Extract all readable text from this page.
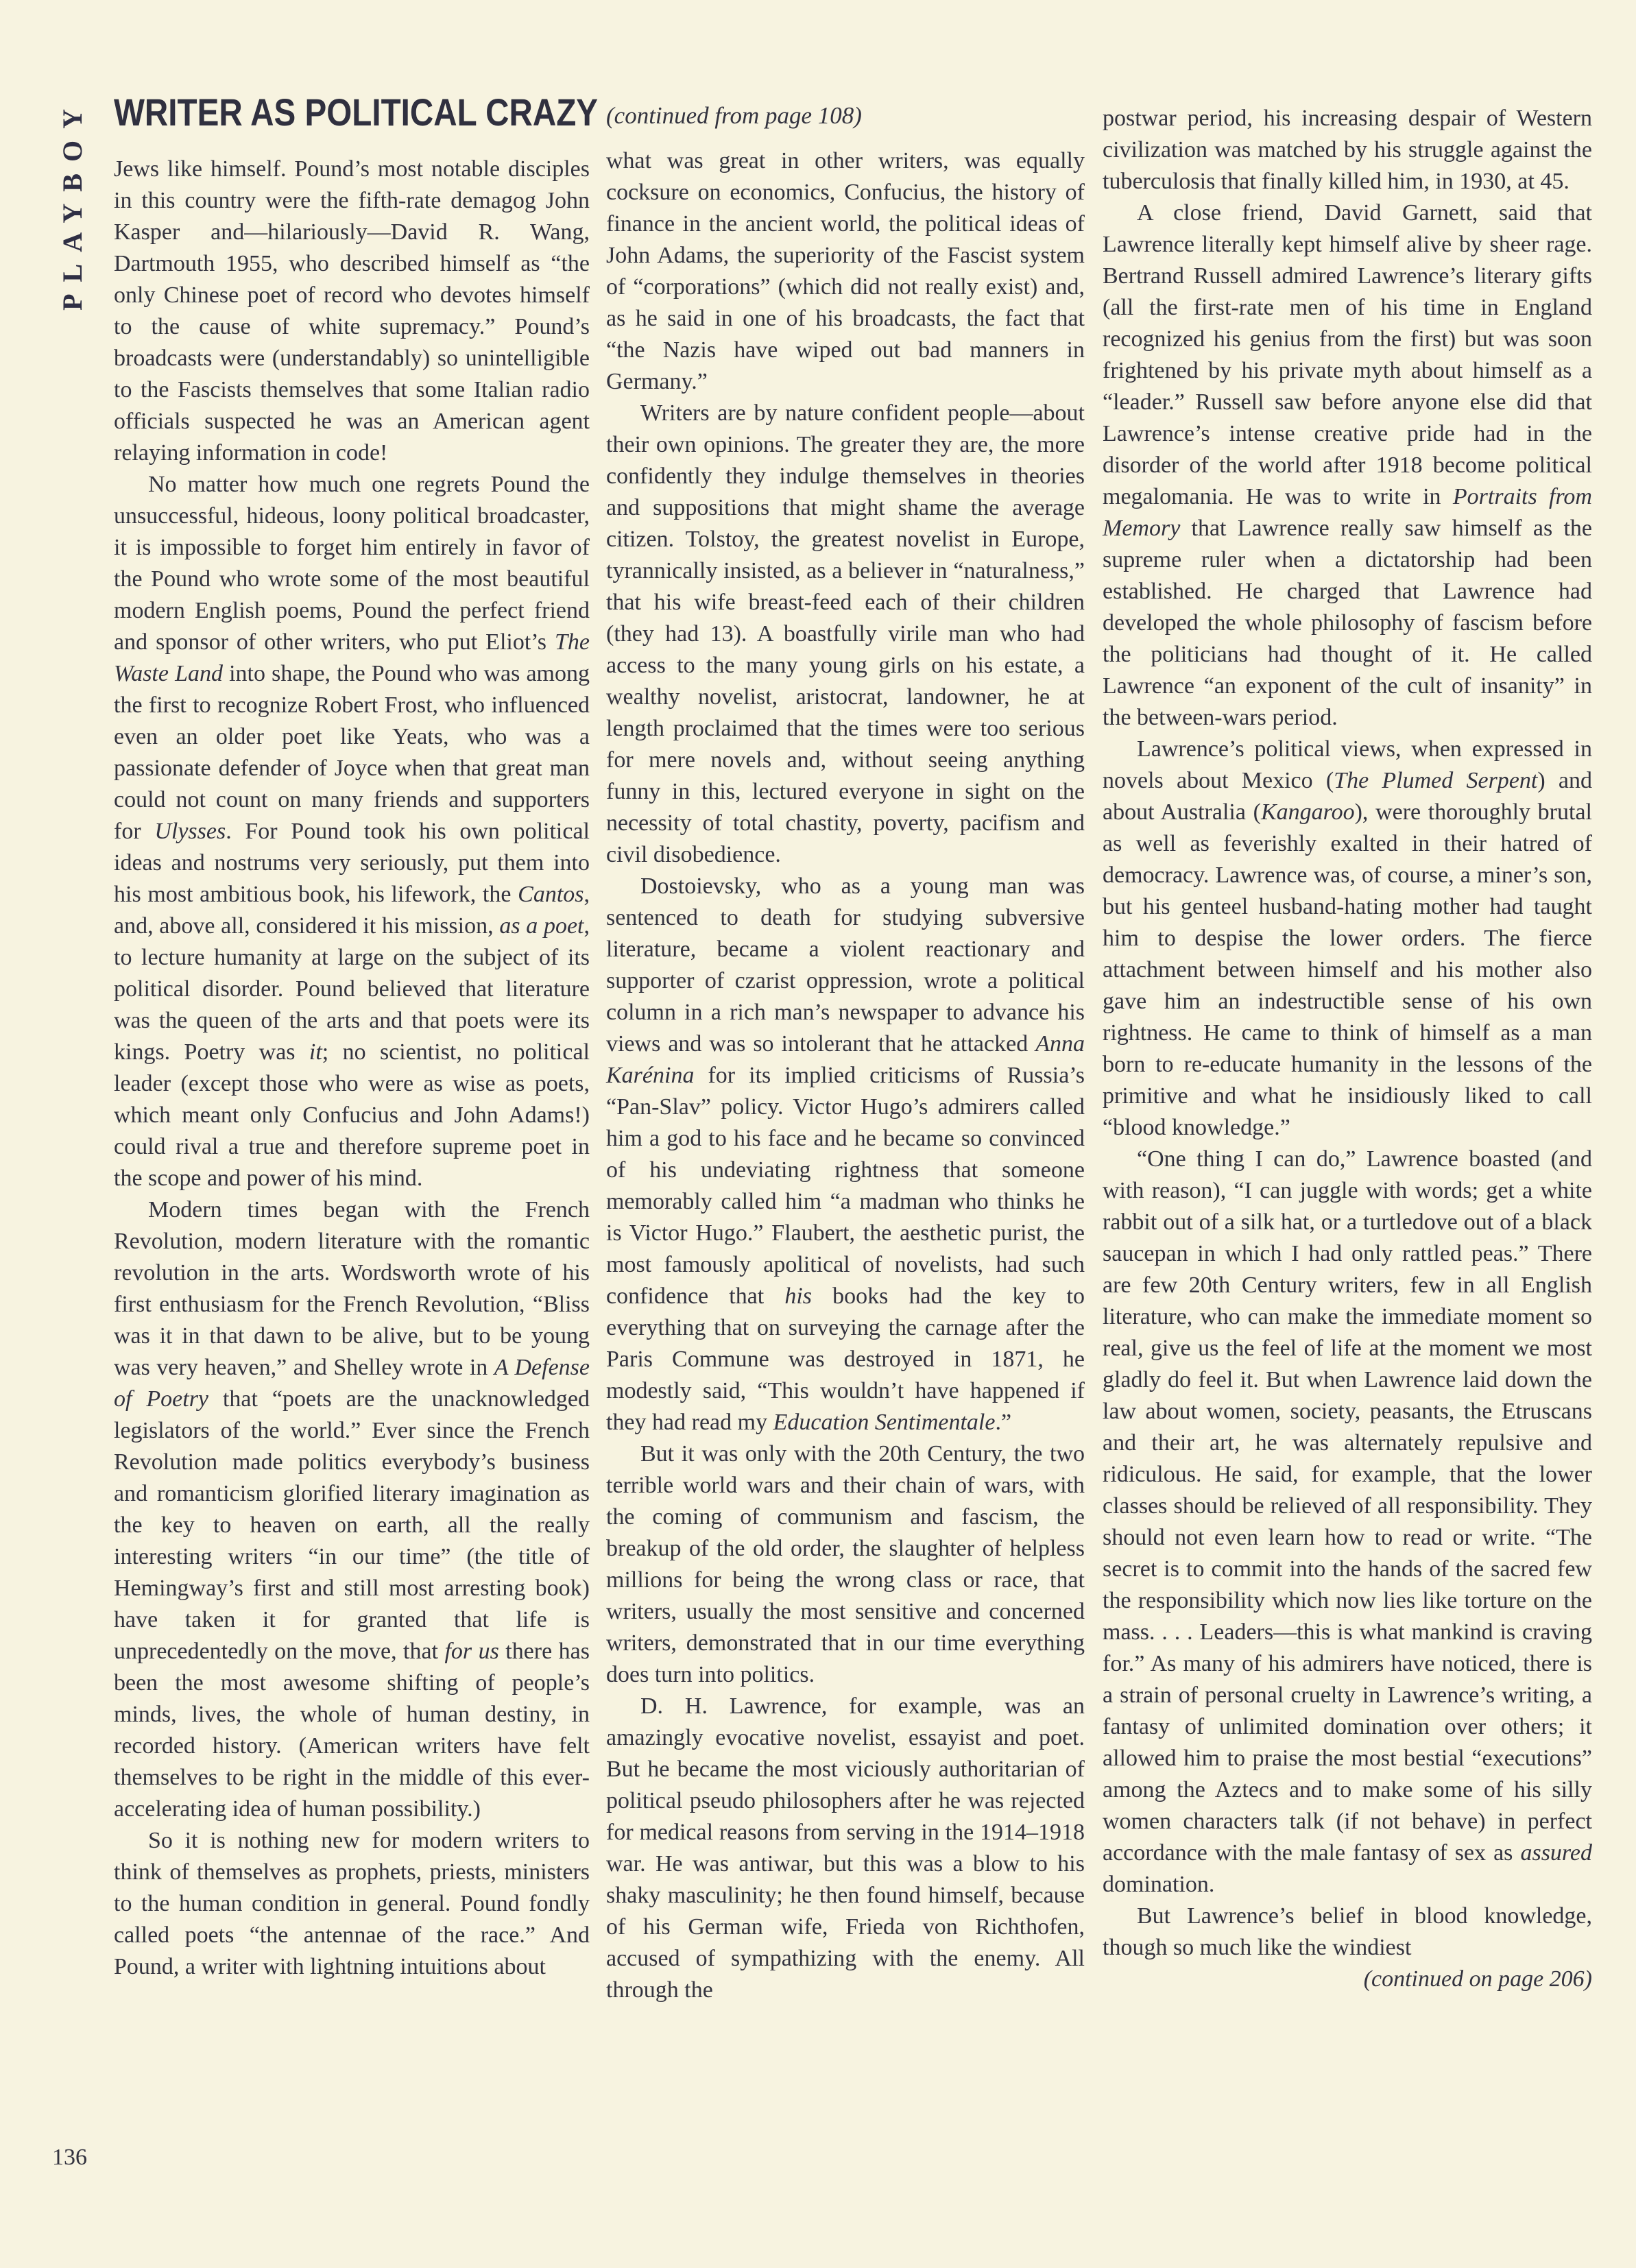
PLAYBOY WRITER AS POLITICAL CRAZY

Jews like himself. Pound’s most notable disciples in this country were the fifth-rate demagog John Kasper and—hilariously—David R. Wang, Dartmouth 1955, who described himself as “the only Chinese poet of record who devotes himself to the cause of white supremacy.” Pound’s broadcasts were (understandably) so unintelligible to the Fascists themselves that some Italian radio officials suspected he was an American agent relaying information in code!

No matter how much one regrets Pound the unsuccessful, hideous, loony political broadcaster, it is impossible to forget him entirely in favor of the Pound who wrote some of the most beautiful modern English poems, Pound the perfect friend and sponsor of other writers, who put Eliot’s The Waste Land into shape, the Pound who was among the first to recognize Robert Frost, who influenced even an older poet like Yeats, who was a passionate defender of Joyce when that great man could not count on many friends and supporters for Ulysses. For Pound took his own political ideas and nostrums very seriously, put them into his most ambitious book, his lifework, the Cantos, and, above all, considered it his mission, as a poet, to lecture humanity at large on the subject of its political disorder. Pound believed that literature was the queen of the arts and that poets were its kings. Poetry was it; no scientist, no political leader (except those who were as wise as poets, which meant only Confucius and John Adams!) could rival a true and therefore supreme poet in the scope and power of his mind.

Modern times began with the French Revolution, modern literature with the romantic revolution in the arts. Wordsworth wrote of his first enthusiasm for the French Revolution, “Bliss was it in that dawn to be alive, but to be young was very heaven,” and Shelley wrote in A Defense of Poetry that “poets are the unacknowledged legislators of the world.” Ever since the French Revolution made politics everybody’s business and romanticism glorified literary imagination as the key to heaven on earth, all the really interesting writers “in our time” (the title of Hemingway’s first and still most arresting book) have taken it for granted that life is unprecedentedly on the move, that for us there has been the most awesome shifting of people’s minds, lives, the whole of human destiny, in recorded history. (American writers have felt themselves to be right in the middle of this ever-accelerating idea of human possibility.)

So it is nothing new for modern writers to think of themselves as prophets, priests, ministers to the human condition in general. Pound fondly called poets “the antennae of the race.” And Pound, a writer with lightning intuitions about

(continued from page 108)

what was great in other writers, was equally cocksure on economics, Confucius, the history of finance in the ancient world, the political ideas of John Adams, the superiority of the Fascist system of “corporations” (which did not really exist) and, as he said in one of his broadcasts, the fact that “the Nazis have wiped out bad manners in Germany.”

Writers are by nature confident people—about their own opinions. The greater they are, the more confidently they indulge themselves in theories and suppositions that might shame the average citizen. Tolstoy, the greatest novelist in Europe, tyrannically insisted, as a believer in “naturalness,” that his wife breast-feed each of their children (they had 13). A boastfully virile man who had access to the many young girls on his estate, a wealthy novelist, aristocrat, landowner, he at length proclaimed that the times were too serious for mere novels and, without seeing anything funny in this, lectured everyone in sight on the necessity of total chastity, poverty, pacifism and civil disobedience.

Dostoievsky, who as a young man was sentenced to death for studying subversive literature, became a violent reactionary and supporter of czarist oppression, wrote a political column in a rich man’s newspaper to advance his views and was so intolerant that he attacked Anna Karénina for its implied criticisms of Russia’s “Pan-Slav” policy. Victor Hugo’s admirers called him a god to his face and he became so convinced of his undeviating rightness that someone memorably called him “a madman who thinks he is Victor Hugo.” Flaubert, the aesthetic purist, the most famously apolitical of novelists, had such confidence that his books had the key to everything that on surveying the carnage after the Paris Commune was destroyed in 1871, he modestly said, “This wouldn’t have happened if they had read my Education Sentimentale.”

But it was only with the 20th Century, the two terrible world wars and their chain of wars, with the coming of communism and fascism, the breakup of the old order, the slaughter of helpless millions for being the wrong class or race, that writers, usually the most sensitive and concerned writers, demonstrated that in our time everything does turn into politics.

D. H. Lawrence, for example, was an amazingly evocative novelist, essayist and poet. But he became the most viciously authoritarian of political pseudo philosophers after he was rejected for medical reasons from serving in the 1914–1918 war. He was antiwar, but this was a blow to his shaky masculinity; he then found himself, because of his German wife, Frieda von Richthofen, accused of sympathizing with the enemy. All through the

postwar period, his increasing despair of Western civilization was matched by his struggle against the tuberculosis that finally killed him, in 1930, at 45.

A close friend, David Garnett, said that Lawrence literally kept himself alive by sheer rage. Bertrand Russell admired Lawrence’s literary gifts (all the first-rate men of his time in England recognized his genius from the first) but was soon frightened by his private myth about himself as a “leader.” Russell saw before anyone else did that Lawrence’s intense creative pride had in the disorder of the world after 1918 become political megalomania. He was to write in Portraits from Memory that Lawrence really saw himself as the supreme ruler when a dictatorship had been established. He charged that Lawrence had developed the whole philosophy of fascism before the politicians had thought of it. He called Lawrence “an exponent of the cult of insanity” in the between-wars period.

Lawrence’s political views, when expressed in novels about Mexico (The Plumed Serpent) and about Australia (Kangaroo), were thoroughly brutal as well as feverishly exalted in their hatred of democracy. Lawrence was, of course, a miner’s son, but his genteel husband-hating mother had taught him to despise the lower orders. The fierce attachment between himself and his mother also gave him an indestructible sense of his own rightness. He came to think of himself as a man born to re-educate humanity in the lessons of the primitive and what he insidiously liked to call “blood knowledge.”

“One thing I can do,” Lawrence boasted (and with reason), “I can juggle with words; get a white rabbit out of a silk hat, or a turtledove out of a black saucepan in which I had only rattled peas.” There are few 20th Century writers, few in all English literature, who can make the immediate moment so real, give us the feel of life at the moment we most gladly do feel it. But when Lawrence laid down the law about women, society, peasants, the Etruscans and their art, he was alternately repulsive and ridiculous. He said, for example, that the lower classes should be relieved of all responsibility. They should not even learn how to read or write. “The secret is to commit into the hands of the sacred few the responsibility which now lies like torture on the mass. . . . Leaders—this is what mankind is craving for.” As many of his admirers have noticed, there is a strain of personal cruelty in Lawrence’s writing, a fantasy of unlimited domination over others; it allowed him to praise the most bestial “executions” among the Aztecs and to make some of his silly women characters talk (if not behave) in perfect accordance with the male fantasy of sex as assured domination.

But Lawrence’s belief in blood knowledge, though so much like the windiest

(continued on page 206)
136
